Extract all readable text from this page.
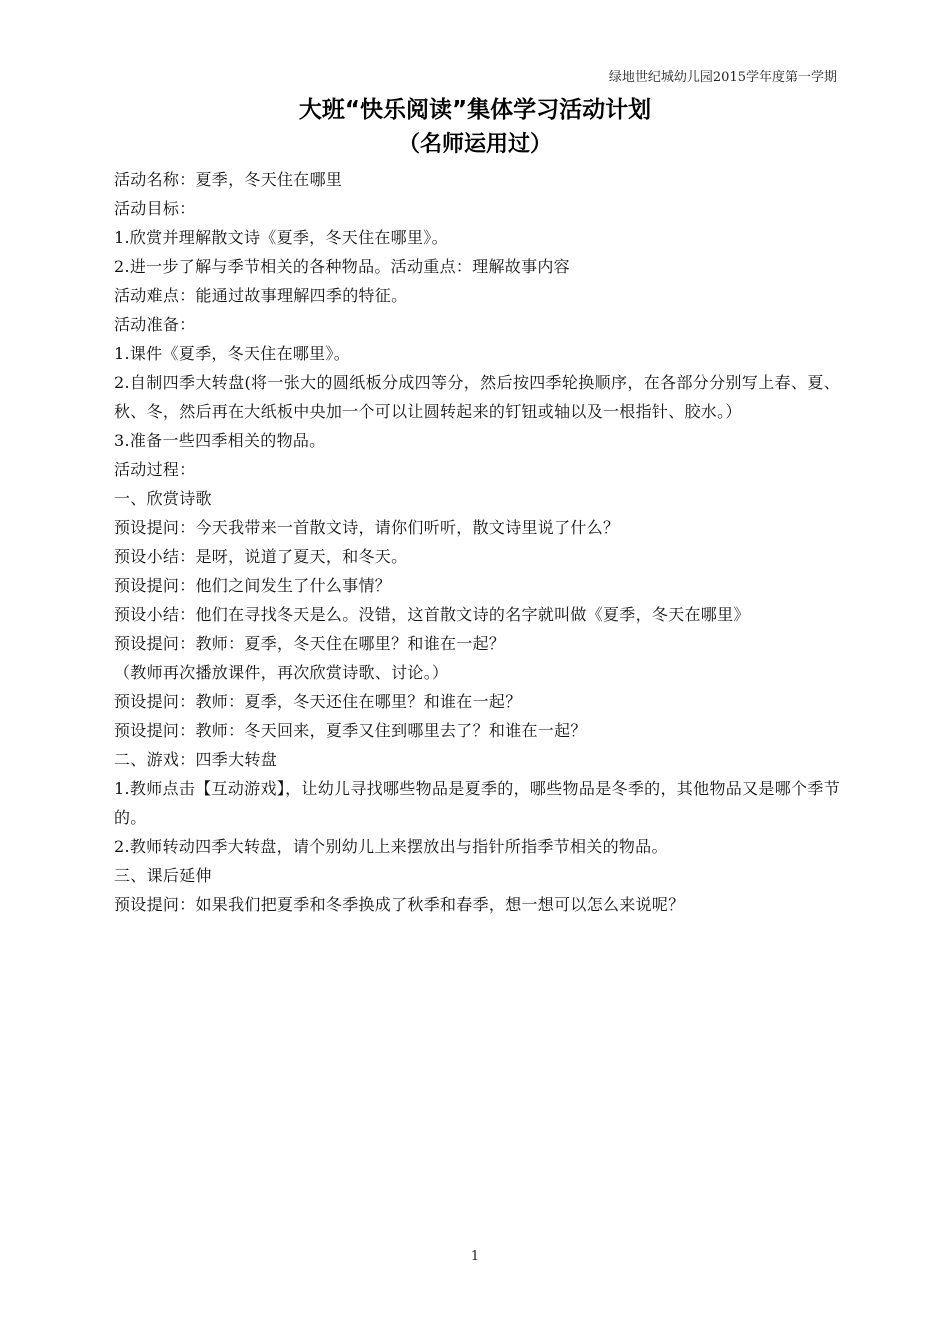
绿地世纪城幼儿园2015学年度第一学期
大班“快乐阅读”集体学习活动计划
（名师运用过）

活动名称：夏季，冬天住在哪里

活动目标：

1.欣赏并理解散文诗《夏季，冬天住在哪里》。

2.进一步了解与季节相关的各种物品。活动重点：理解故事内容

活动难点：能通过故事理解四季的特征。

活动准备：

1.课件《夏季，冬天住在哪里》。

2.自制四季大转盘(将一张大的圆纸板分成四等分，然后按四季轮换顺序，在各部分分别写上春、夏、秋、冬，然后再在大纸板中央加一个可以让圆转起来的钉钮或轴以及一根指针、胶水。）

3.准备一些四季相关的物品。

活动过程：

一、欣赏诗歌

预设提问：今天我带来一首散文诗，请你们听听，散文诗里说了什么？

预设小结：是呀，说道了夏天，和冬天。

预设提问：他们之间发生了什么事情？

预设小结：他们在寻找冬天是么。没错，这首散文诗的名字就叫做《夏季，冬天在哪里》

预设提问：教师：夏季，冬天住在哪里？和谁在一起？

（教师再次播放课件，再次欣赏诗歌、讨论。）

预设提问：教师：夏季，冬天还住在哪里？和谁在一起？

预设提问：教师：冬天回来，夏季又住到哪里去了？和谁在一起？

二、游戏：四季大转盘

1.教师点击【互动游戏】，让幼儿寻找哪些物品是夏季的，哪些物品是冬季的，其他物品又是哪个季节的。

2.教师转动四季大转盘，请个别幼儿上来摆放出与指针所指季节相关的物品。

三、课后延伸

预设提问：如果我们把夏季和冬季换成了秋季和春季，想一想可以怎么来说呢？

1
